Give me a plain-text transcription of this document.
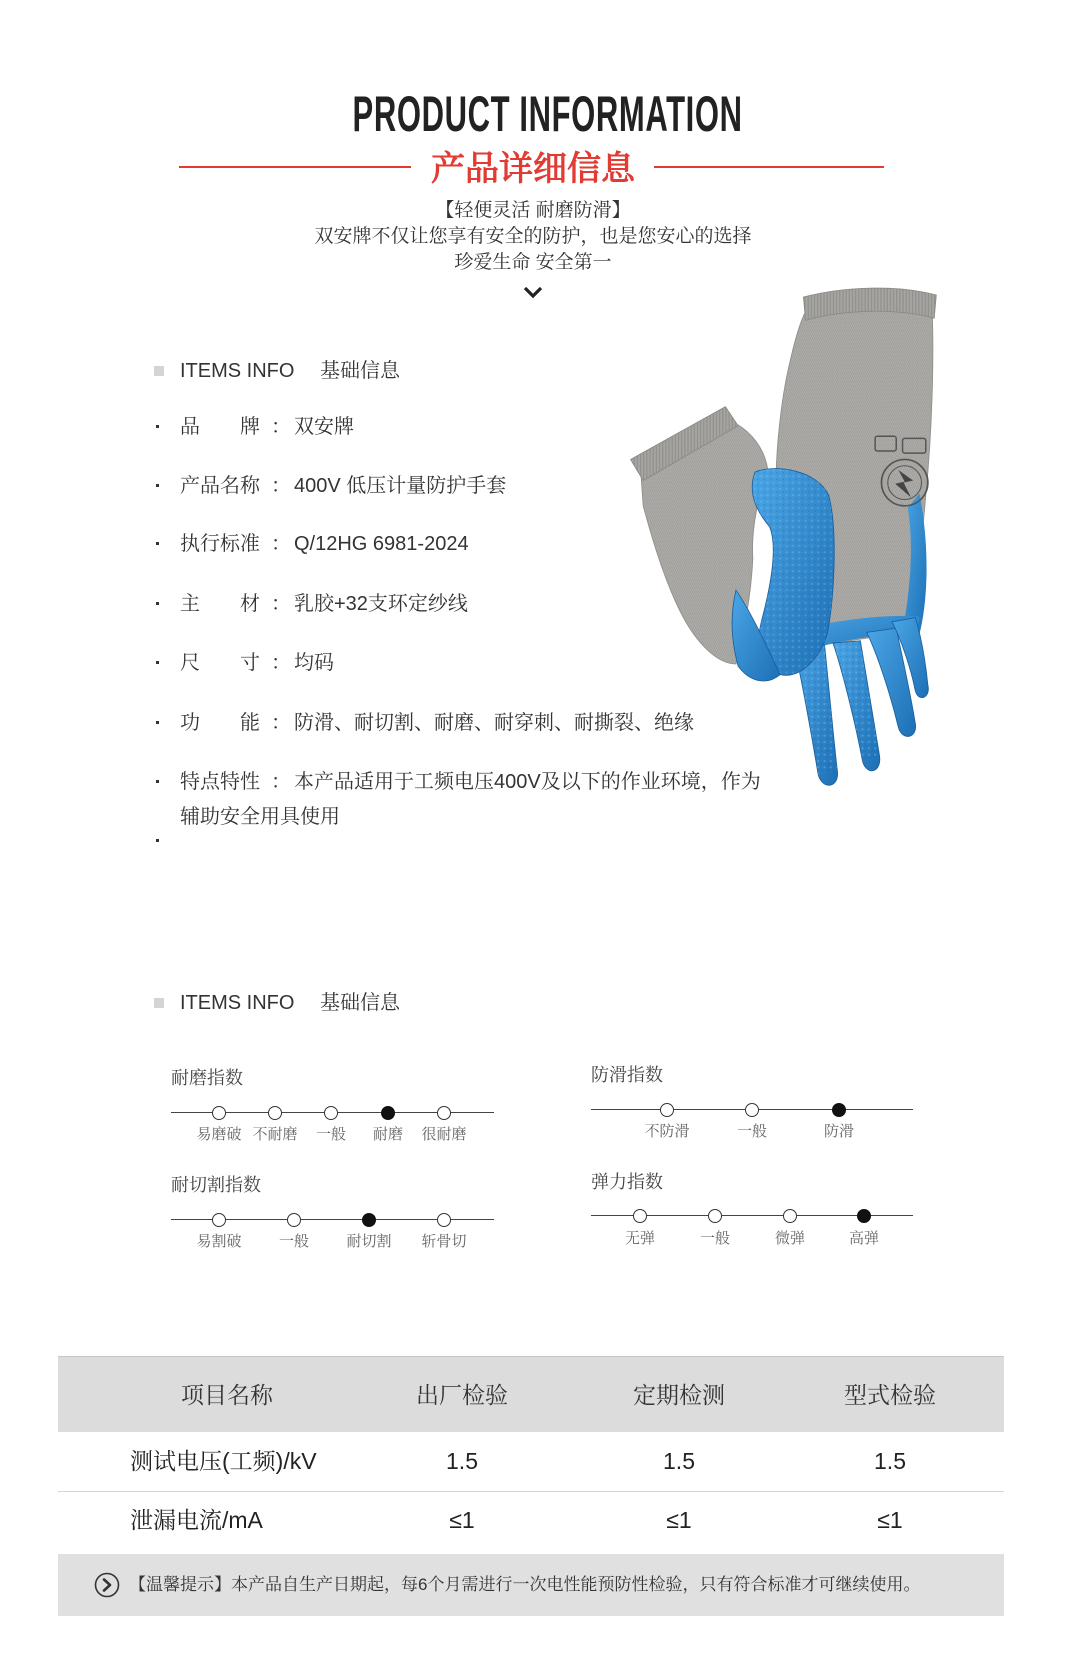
PRODUCT INFORMATION
产品详细信息
【轻便灵活 耐磨防滑】
双安牌不仅让您享有安全的防护，也是您安心的选择
珍爱生命 安全第一
ITEMS INFO 基础信息
品　　牌 ： 双安牌
产品名称 ： 400V 低压计量防护手套
执行标准 ： Q/12HG 6981-2024
主　　材 ： 乳胶+32支环定纱线
尺　　寸 ： 均码
功　　能 ： 防滑、耐切割、耐磨、耐穿刺、耐撕裂、绝缘
特点特性 ： 本产品适用于工频电压400V及以下的作业环境，作为
辅助安全用具使用
ITEMS INFO 基础信息
耐磨指数
易磨破 不耐磨 一般 耐磨 很耐磨
防滑指数
不防滑	一般	防滑
耐切割指数
易割破 一般 耐切割 斩骨切
弹力指数
无弹	一般	微弹	高弹
项目名称	出厂检验	定期检测	型式检验
测试电压(工频)/kV	1.5	1.5	1.5
泄漏电流/mA	≤1	≤1	≤1
【温馨提示】本产品自生产日期起，每6个月需进行一次电性能预防性检验，只有符合标准才可继续使用。
